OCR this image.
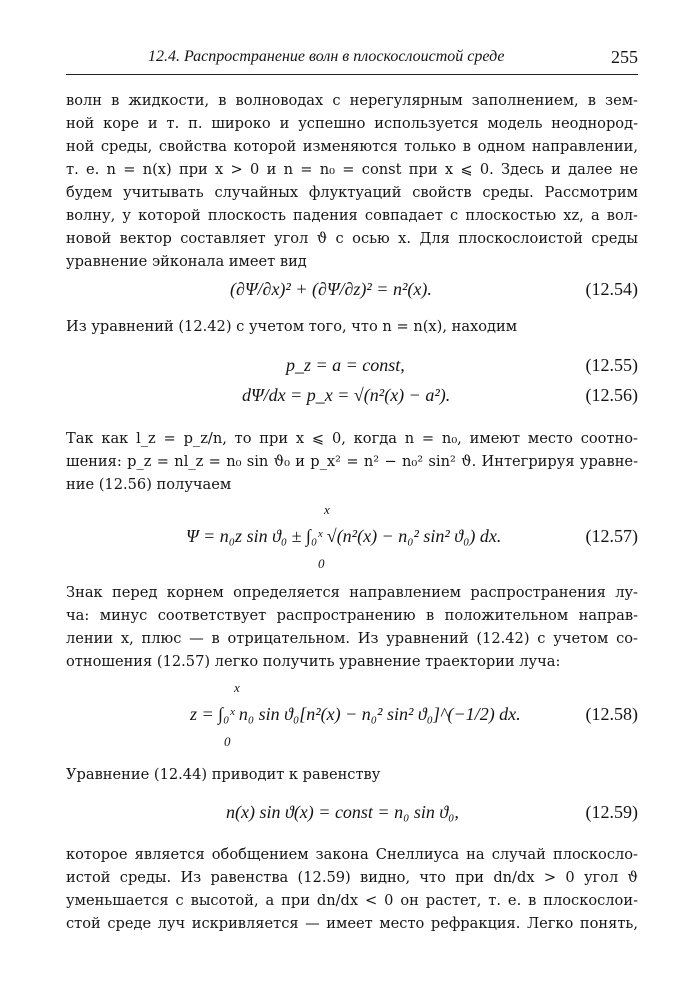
12.4. Распространение волн в плоскослоистой среде	255
волн в жидкости, в волноводах с нерегулярным заполнением, в зем-
ной коре и т. п. широко и успешно используется модель неоднород-
ной среды, свойства которой изменяются только в одном направлении,
т. е. n = n(x) при x > 0 и n = n₀ = const при x ⩽ 0. Здесь и далее не
будем учитывать случайных флуктуаций свойств среды. Рассмотрим
волну, у которой плоскость падения совпадает с плоскостью xz, а вол-
новой вектор составляет угол ϑ с осью x. Для плоскослоистой среды
уравнение эйконала имеет вид
(∂Ψ/∂x)² + (∂Ψ/∂z)² = n²(x).	(12.54)
Из уравнений (12.42) с учетом того, что n = n(x), находим
p_z = a = const,	(12.55)
dΨ/dx = p_x = √(n²(x) − a²).	(12.56)
Так как l_z = p_z/n, то при x ⩽ 0, когда n = n₀, имеют место соотно-
шения: p_z = nl_z = n₀ sin ϑ₀ и p_x² = n² − n₀² sin² ϑ. Интегрируя уравне-
ние (12.56) получаем
x
0
Ψ = n₀z sin ϑ₀ ± ∫₀ˣ √(n²(x) − n₀² sin² ϑ₀) dx.	(12.57)
Знак перед корнем определяется направлением распространения лу-
ча: минус соответствует распространению в положительном направ-
лении x, плюс — в отрицательном. Из уравнений (12.42) с учетом со-
отношения (12.57) легко получить уравнение траектории луча:
x
0
z = ∫₀ˣ n₀ sin ϑ₀[n²(x) − n₀² sin² ϑ₀]^(−1/2) dx.	(12.58)
Уравнение (12.44) приводит к равенству
n(x) sin ϑ(x) = const = n₀ sin ϑ₀,	(12.59)
которое является обобщением закона Снеллиуса на случай плоскосло-
истой среды. Из равенства (12.59) видно, что при dn/dx > 0 угол ϑ
уменьшается с высотой, а при dn/dx < 0 он растет, т. е. в плоскослои-
стой среде луч искривляется — имеет место рефракция. Легко понять,
